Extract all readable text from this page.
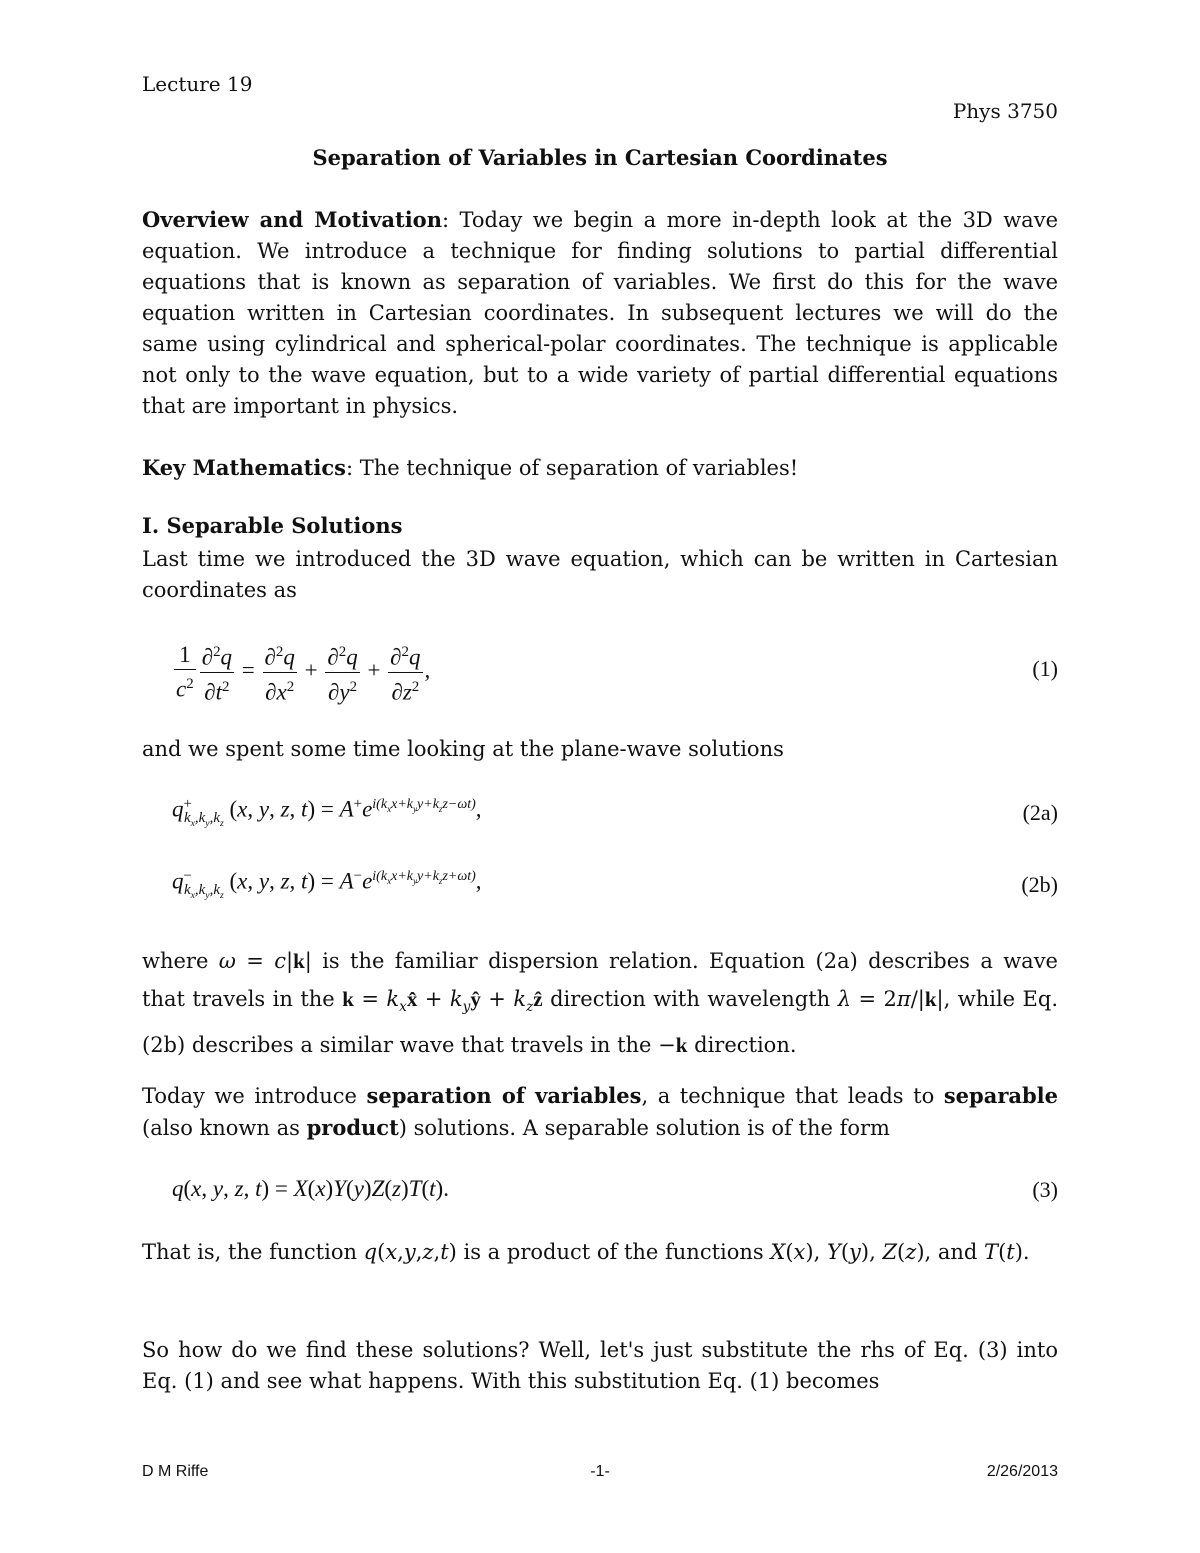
Lecture 19
Phys 3750
Separation of Variables in Cartesian Coordinates
Overview and Motivation: Today we begin a more in-depth look at the 3D wave equation. We introduce a technique for finding solutions to partial differential equations that is known as separation of variables. We first do this for the wave equation written in Cartesian coordinates. In subsequent lectures we will do the same using cylindrical and spherical-polar coordinates. The technique is applicable not only to the wave equation, but to a wide variety of partial differential equations that are important in physics.
Key Mathematics: The technique of separation of variables!
I. Separable Solutions
Last time we introduced the 3D wave equation, which can be written in Cartesian coordinates as
$\frac{1}{c^2} \frac{\partial^2q}{\partial t^2} = \frac{\partial^2q}{\partial x^2} + \frac{\partial^2q}{\partial y^2} + \frac{\partial^2q}{\partial z^2}$ ,	(1)
and we spent some time looking at the plane-wave solutions
$q^+_{k_x,k_y,k_z}$ (x, y, z, $t) = A^+e^{i(k_xx+k_yy+k_zz-\omega t)}$,	(2a)
$q^-_{k_x,k_y,k_z}$ (x, y, z, $t) = A^-e^{i(k_xx+k_yy+k_zz+\omega t)}$,	(2b)
where ω = c|k| is the familiar dispersion relation. Equation (2a) describes a wave that travels in the $k = k_xx̂$ + $k_yŷ$ + $k_zẑ$ direction with wavelength λ = 2π/|k|, while Eq. (2b) describes a similar wave that travels in the −k direction.
Today we introduce separation of variables, a technique that leads to separable (also known as product) solutions. A separable solution is of the form
q(x, y, z, t) = X(x)Y(y)Z(z)T(t).	(3)
That is, the function q(x,y,z,t) is a product of the functions X(x), Y(y), Z(z), and T(t).
So how do we find these solutions? Well, let's just substitute the rhs of Eq. (3) into Eq. (1) and see what happens. With this substitution Eq. (1) becomes
D M Riffe	-1-	2/26/2013
